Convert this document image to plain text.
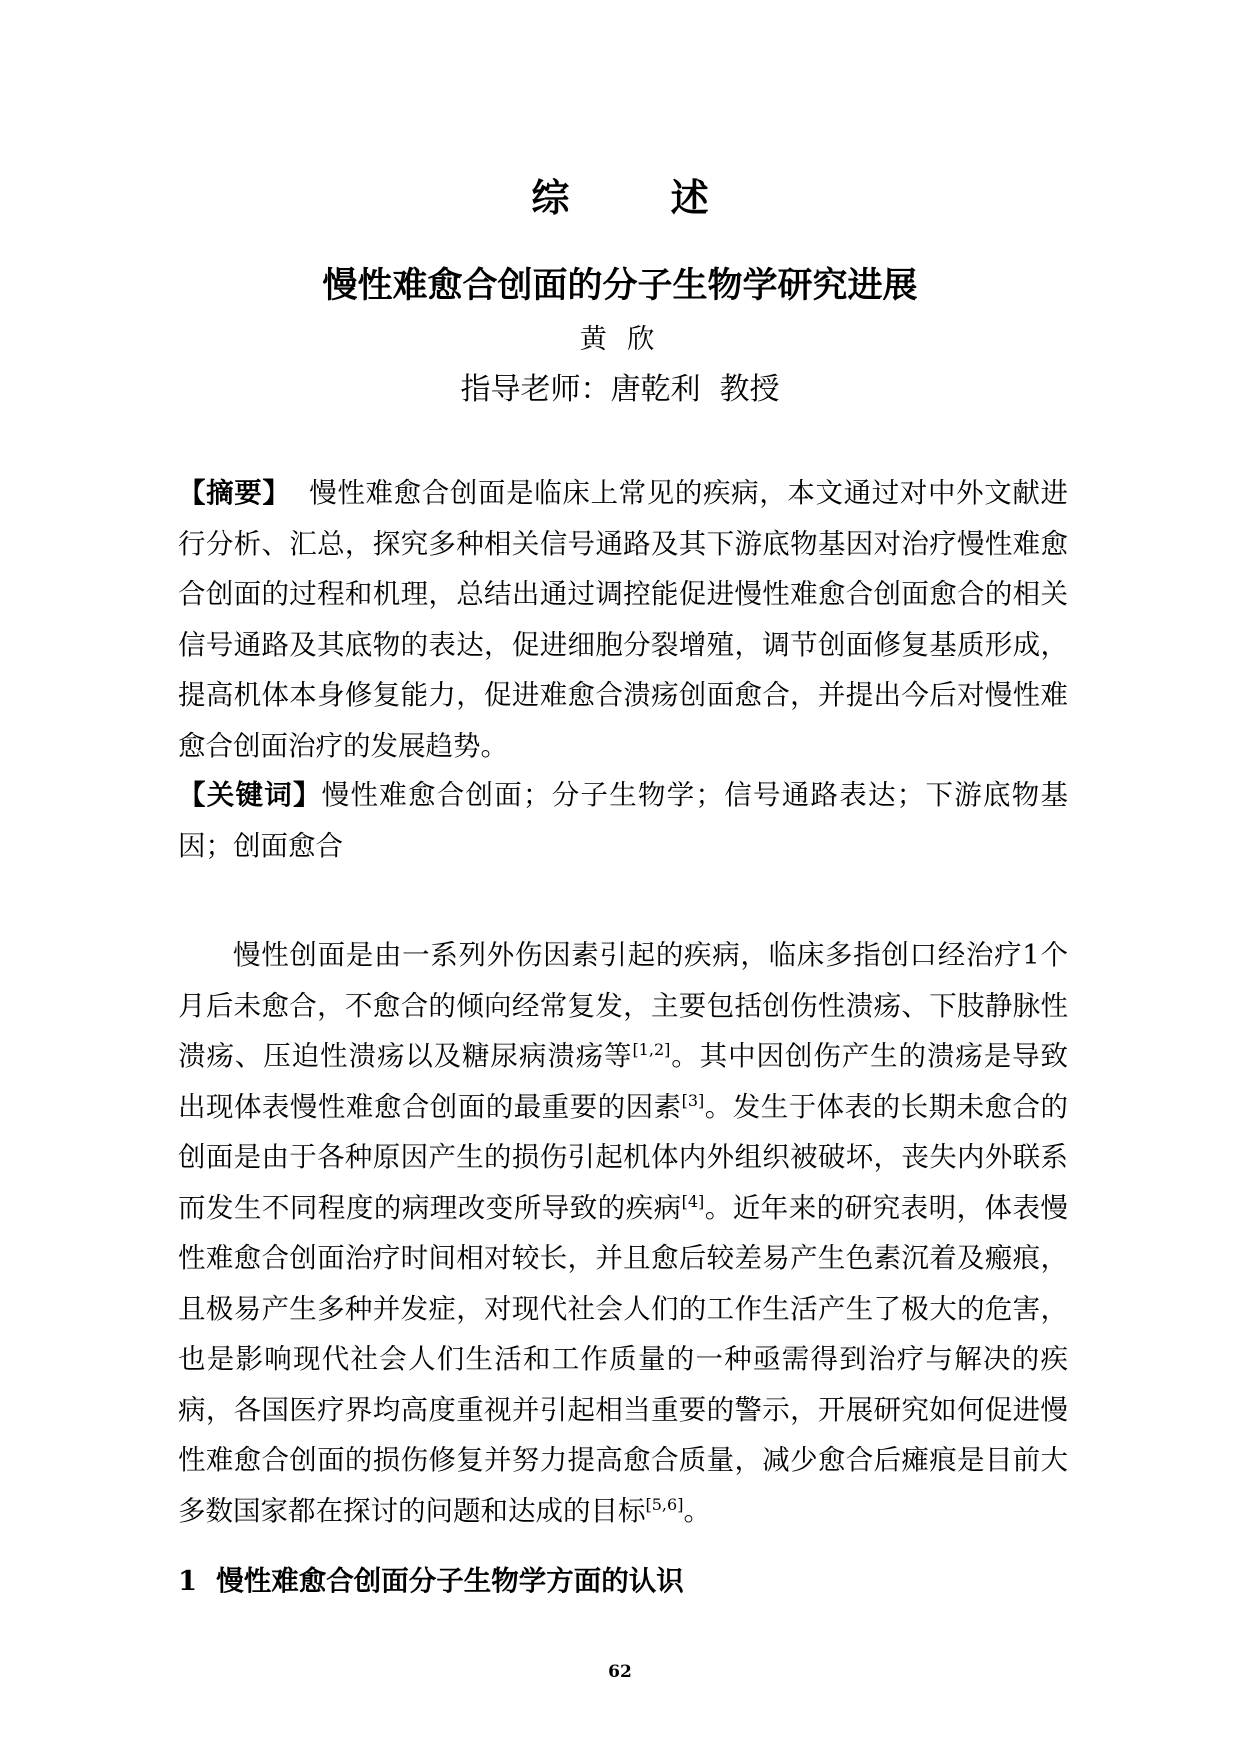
综 述
慢性难愈合创面的分子生物学研究进展
黄 欣
指导老师：唐乾利  教授
【摘要】  慢性难愈合创面是临床上常见的疾病，本文通过对中外文献进行分析、汇总，探究多种相关信号通路及其下游底物基因对治疗慢性难愈合创面的过程和机理，总结出通过调控能促进慢性难愈合创面愈合的相关信号通路及其底物的表达，促进细胞分裂增殖，调节创面修复基质形成，提高机体本身修复能力，促进难愈合溃疡创面愈合，并提出今后对慢性难愈合创面治疗的发展趋势。
【关键词】慢性难愈合创面；分子生物学；信号通路表达；下游底物基因；创面愈合
慢性创面是由一系列外伤因素引起的疾病，临床多指创口经治疗1个月后未愈合，不愈合的倾向经常复发，主要包括创伤性溃疡、下肢静脉性溃疡、压迫性溃疡以及糖尿病溃疡等[1,2]。其中因创伤产生的溃疡是导致出现体表慢性难愈合创面的最重要的因素[3]。发生于体表的长期未愈合的创面是由于各种原因产生的损伤引起机体内外组织被破坏，丧失内外联系而发生不同程度的病理改变所导致的疾病[4]。近年来的研究表明，体表慢性难愈合创面治疗时间相对较长，并且愈后较差易产生色素沉着及瘢痕，且极易产生多种并发症，对现代社会人们的工作生活产生了极大的危害，也是影响现代社会人们生活和工作质量的一种亟需得到治疗与解决的疾病，各国医疗界均高度重视并引起相当重要的警示，开展研究如何促进慢性难愈合创面的损伤修复并努力提高愈合质量，减少愈合后瘫痕是目前大多数国家都在探讨的问题和达成的目标[5,6]。
1  慢性难愈合创面分子生物学方面的认识
62
